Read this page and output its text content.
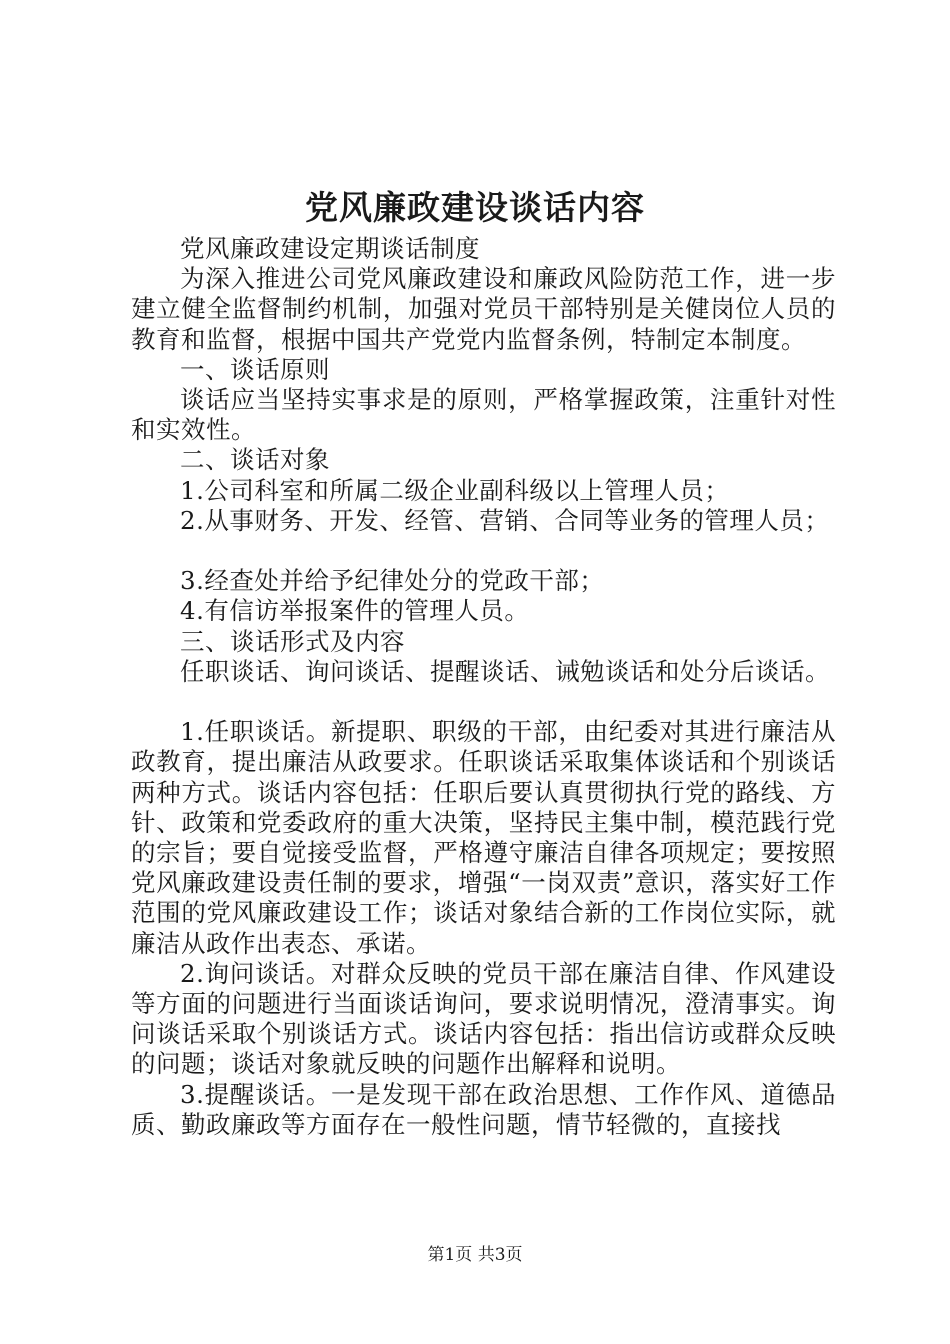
党风廉政建设谈话内容

党风廉政建设定期谈话制度

为深入推进公司党风廉政建设和廉政风险防范工作，进一步建立健全监督制约机制，加强对党员干部特别是关健岗位人员的教育和监督，根据中国共产党党内监督条例，特制定本制度。

一、谈话原则

谈话应当坚持实事求是的原则，严格掌握政策，注重针对性和实效性。

二、谈话对象

1.公司科室和所属二级企业副科级以上管理人员；

2.从事财务、开发、经管、营销、合同等业务的管理人员；

3.经查处并给予纪律处分的党政干部；

4.有信访举报案件的管理人员。

三、谈话形式及内容

任职谈话、询问谈话、提醒谈话、诫勉谈话和处分后谈话。

1.任职谈话。新提职、职级的干部，由纪委对其进行廉洁从政教育，提出廉洁从政要求。任职谈话采取集体谈话和个别谈话两种方式。谈话内容包括：任职后要认真贯彻执行党的路线、方针、政策和党委政府的重大决策，坚持民主集中制，模范践行党的宗旨；要自觉接受监督，严格遵守廉洁自律各项规定；要按照党风廉政建设责任制的要求，增强“一岗双责”意识，落实好工作范围的党风廉政建设工作；谈话对象结合新的工作岗位实际，就廉洁从政作出表态、承诺。

2.询问谈话。对群众反映的党员干部在廉洁自律、作风建设等方面的问题进行当面谈话询问，要求说明情况，澄清事实。询问谈话采取个别谈话方式。谈话内容包括：指出信访或群众反映的问题；谈话对象就反映的问题作出解释和说明。

3.提醒谈话。一是发现干部在政治思想、工作作风、道德品质、勤政廉政等方面存在一般性问题，情节轻微的，直接找

第1页 共3页
